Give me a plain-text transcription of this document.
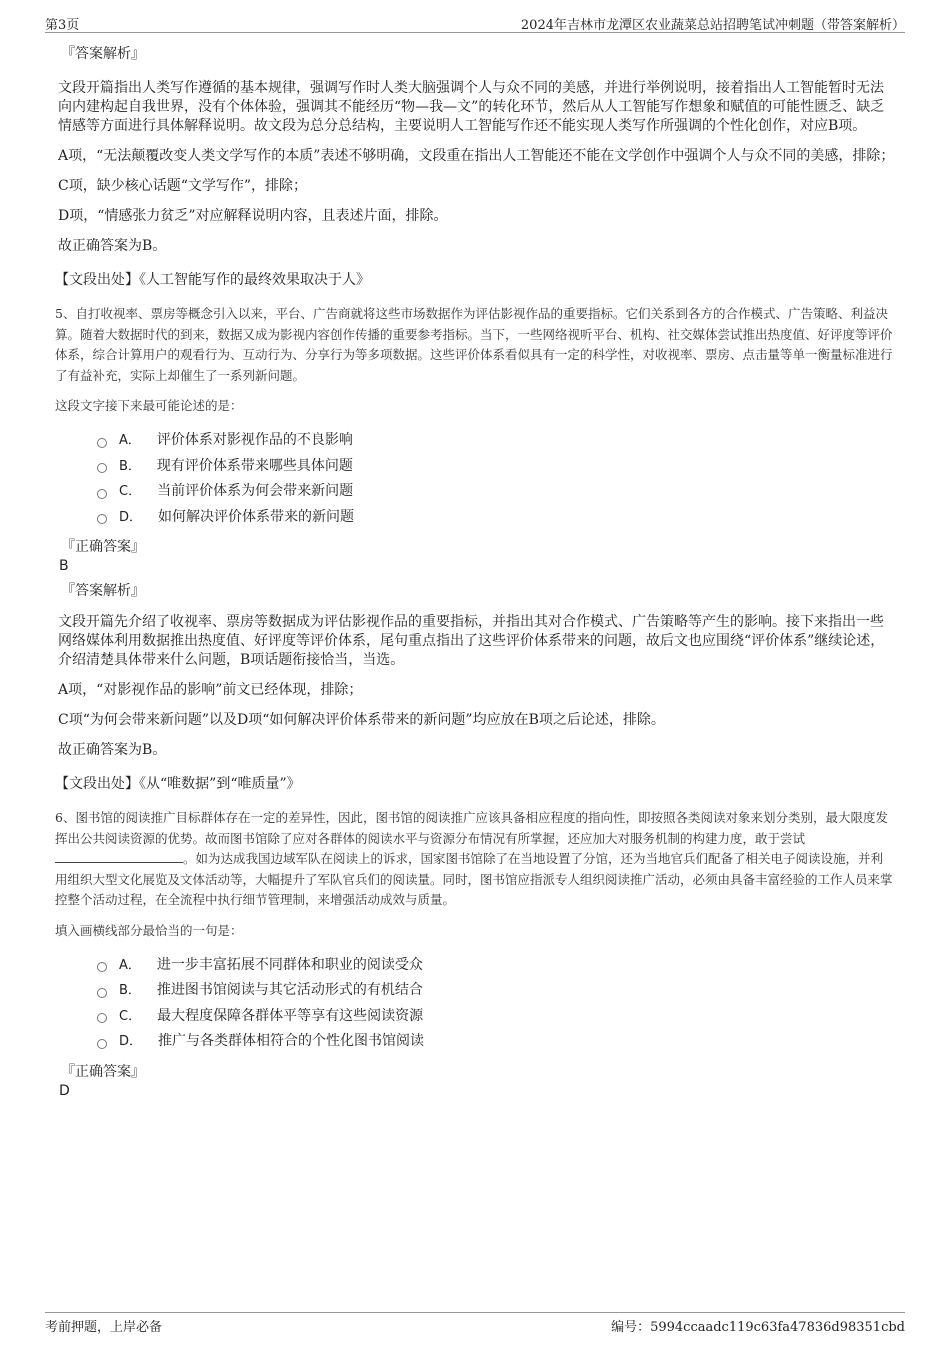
第3页	2024年吉林市龙潭区农业蔬菜总站招聘笔试冲刺题（带答案解析）
『答案解析』

文段开篇指出人类写作遵循的基本规律，强调写作时人类大脑强调个人与众不同的美感，并进行举例说明，接着指出人工智能暂时无法向内建构起自我世界，没有个体体验，强调其不能经历“物—我—文”的转化环节，然后从人工智能写作想象和赋值的可能性匮乏、缺乏情感等方面进行具体解释说明。故文段为总分总结构，主要说明人工智能写作还不能实现人类写作所强调的个性化创作，对应B项。

A项，“无法颠覆改变人类文学写作的本质”表述不够明确，文段重在指出人工智能还不能在文学创作中强调个人与众不同的美感，排除；

C项，缺少核心话题“文学写作”，排除；

D项，“情感张力贫乏”对应解释说明内容，且表述片面，排除。

故正确答案为B。

【文段出处】《人工智能写作的最终效果取决于人》

5、自打收视率、票房等概念引入以来，平台、广告商就将这些市场数据作为评估影视作品的重要指标。它们关系到各方的合作模式、广告策略、利益决算。随着大数据时代的到来，数据又成为影视内容创作传播的重要参考指标。当下，一些网络视听平台、机构、社交媒体尝试推出热度值、好评度等评价体系，综合计算用户的观看行为、互动行为、分享行为等多项数据。这些评价体系看似具有一定的科学性，对收视率、票房、点击量等单一衡量标准进行了有益补充，实际上却催生了一系列新问题。

这段文字接下来最可能论述的是：

A． 评价体系对影视作品的不良影响
B． 现有评价体系带来哪些具体问题
C． 当前评价体系为何会带来新问题
D． 如何解决评价体系带来的新问题
『正确答案』
B
『答案解析』

文段开篇先介绍了收视率、票房等数据成为评估影视作品的重要指标，并指出其对合作模式、广告策略等产生的影响。接下来指出一些网络媒体利用数据推出热度值、好评度等评价体系，尾句重点指出了这些评价体系带来的问题，故后文也应围绕“评价体系”继续论述，介绍清楚具体带来什么问题，B项话题衔接恰当，当选。

A项，“对影视作品的影响”前文已经体现，排除；

C项“为何会带来新问题”以及D项“如何解决评价体系带来的新问题”均应放在B项之后论述，排除。

故正确答案为B。

【文段出处】《从“唯数据”到“唯质量”》

6、图书馆的阅读推广目标群体存在一定的差异性，因此，图书馆的阅读推广应该具备相应程度的指向性，即按照各类阅读对象来划分类别，最大限度发挥出公共阅读资源的优势。故而图书馆除了应对各群体的阅读水平与资源分布情况有所掌握，还应加大对服务机制的构建力度，敢于尝试。如为达成我国边域军队在阅读上的诉求，国家图书馆除了在当地设置了分馆，还为当地官兵们配备了相关电子阅读设施，并利用组织大型文化展览及文体活动等，大幅提升了军队官兵们的阅读量。同时，图书馆应指派专人组织阅读推广活动，必须由具备丰富经验的工作人员来掌控整个活动过程，在全流程中执行细节管理制，来增强活动成效与质量。

填入画横线部分最恰当的一句是：

A． 进一步丰富拓展不同群体和职业的阅读受众
B． 推进图书馆阅读与其它活动形式的有机结合
C． 最大程度保障各群体平等享有这些阅读资源
D． 推广与各类群体相符合的个性化图书馆阅读
『正确答案』
D
考前押题，上岸必备	编号：5994ccaadc119c63fa47836d98351cbd
